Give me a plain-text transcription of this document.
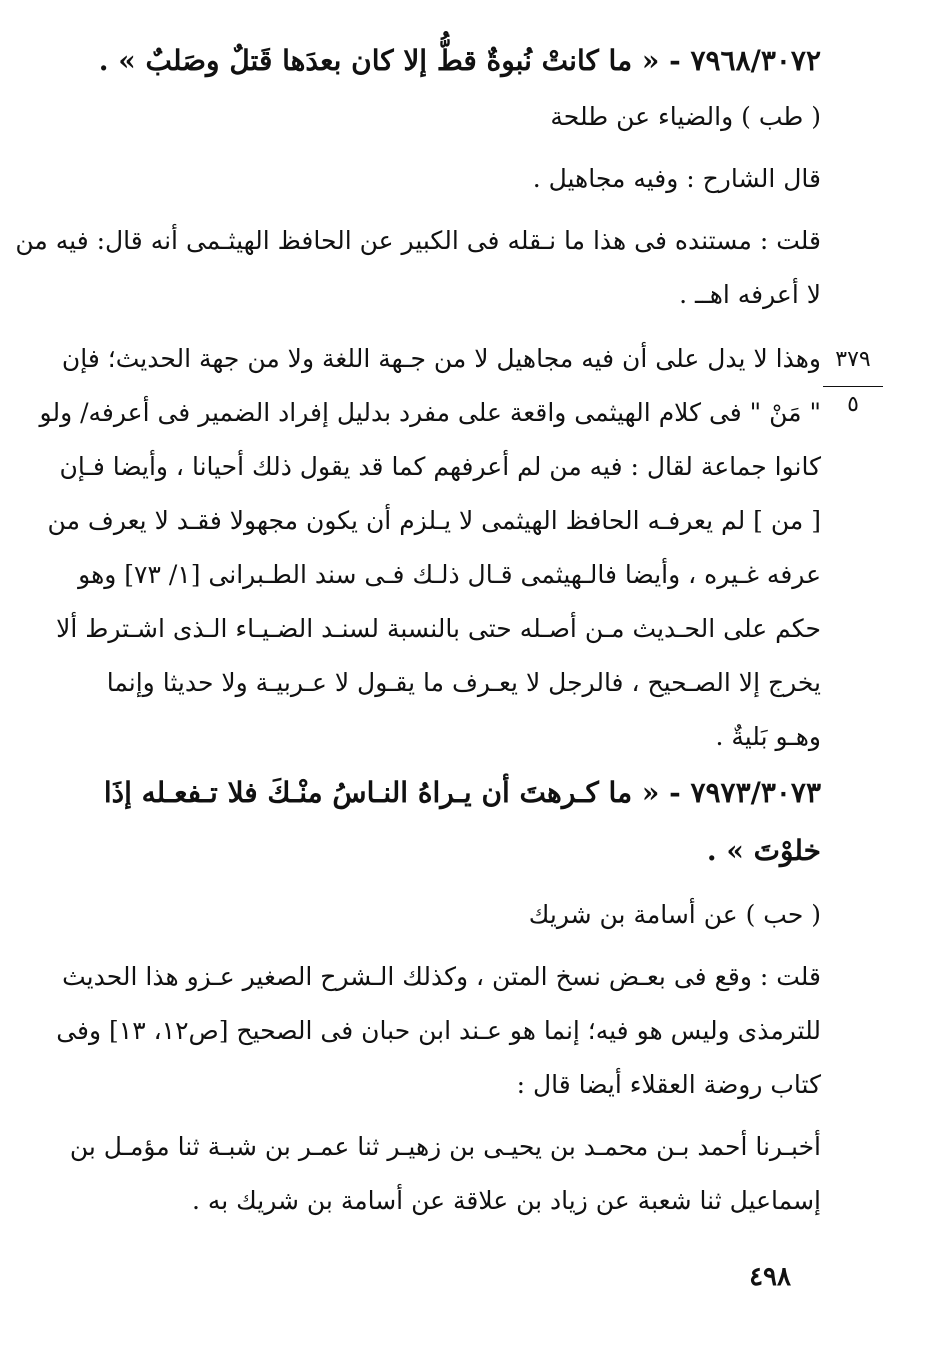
٣٧٩
٥
٧٩٦٨/٣٠٧٢ - « ما كانتْ نُبوةٌ قطُّ إلا كان بعدَها قَتلٌ وصَلبٌ » .
( طب ) والضياء عن طلحة
قال الشارح : وفيه مجاهيل .
قلت : مستنده فى هذا ما نـقله فى الكبير عن الحافظ الهيثـمى أنه قال: فيه من
لا أعرفه اهــ .
وهذا لا يدل على أن فيه مجاهيل لا من جـهة اللغة ولا من جهة الحديث؛ فإن
" مَنْ " فى كلام الهيثمى واقعة على مفرد بدليل إفراد الضمير فى أعرفه/ ولو
كانوا جماعة لقال : فيه من لم أعرفهم كما قد يقول ذلك أحيانا ، وأيضا فـإن
[ من ] لم يعرفـه الحافظ الهيثمى لا يـلزم أن يكون مجهولا فقـد لا يعرف من
عرفه غـيره ، وأيضا فالـهيثمى قـال ذلـك فـى سند الطـبرانى [١/ ٧٣] وهو
حكم على الحـديث مـن أصـله حتى بالنسبة لسنـد الضـيـاء الـذى اشـترط ألا
يخرج إلا الصـحيح ، فالرجل لا يعـرف ما يقـول لا عـربيـة ولا حديثا وإنما
وهـو بَليةٌ .
٧٩٧٣/٣٠٧٣ - « ما كـرهتَ أن يـراهُ النـاسُ منْـكَ فلا تـفعـله إذَا
خلوْتَ » .
( حب ) عن أسامة بن شريك
قلت : وقع فى بعـض نسخ المتن ، وكذلك الـشرح الصغير عـزو هذا الحديث
للترمذى وليس هو فيه؛ إنما هو عـند ابن حبان فى الصحيح [ص١٢، ١٣] وفى
كتاب روضة العقلاء أيضا قال :
أخبـرنا أحمد بـن محمـد بن يحيـى بن زهيـر ثنا عمـر بن شبـة ثنا مؤمـل بن
إسماعيل ثنا شعبة عن زياد بن علاقة عن أسامة بن شريك به .
٤٩٨
